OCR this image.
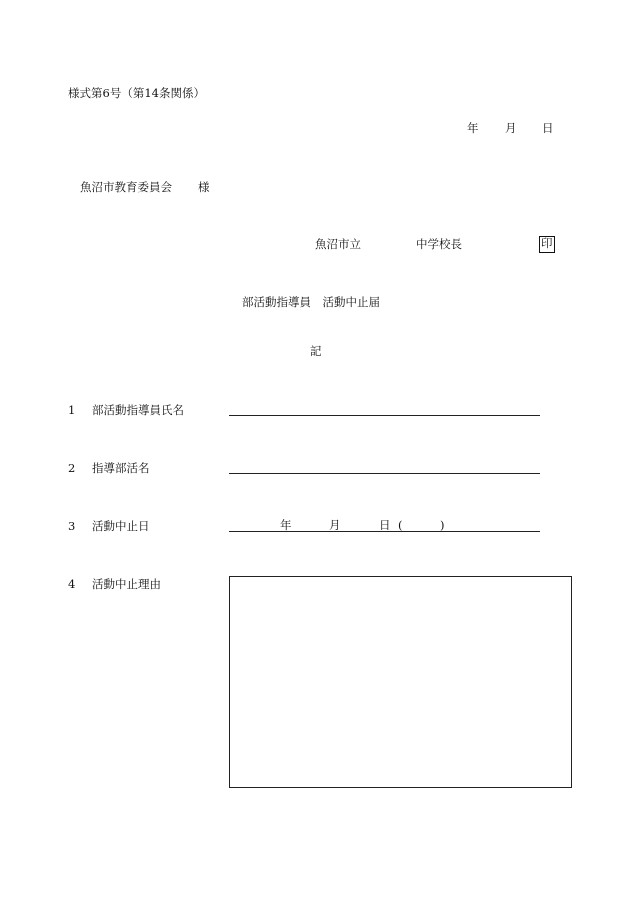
様式第6号（第14条関係）
年 月 日
魚沼市教育委員会 様
魚沼市立	中学校長	印
部活動指導員　活動中止届
記
1 部活動指導員氏名
2 指導部活名
3 活動中止日	年	月	日 (	)
4 活動中止理由
